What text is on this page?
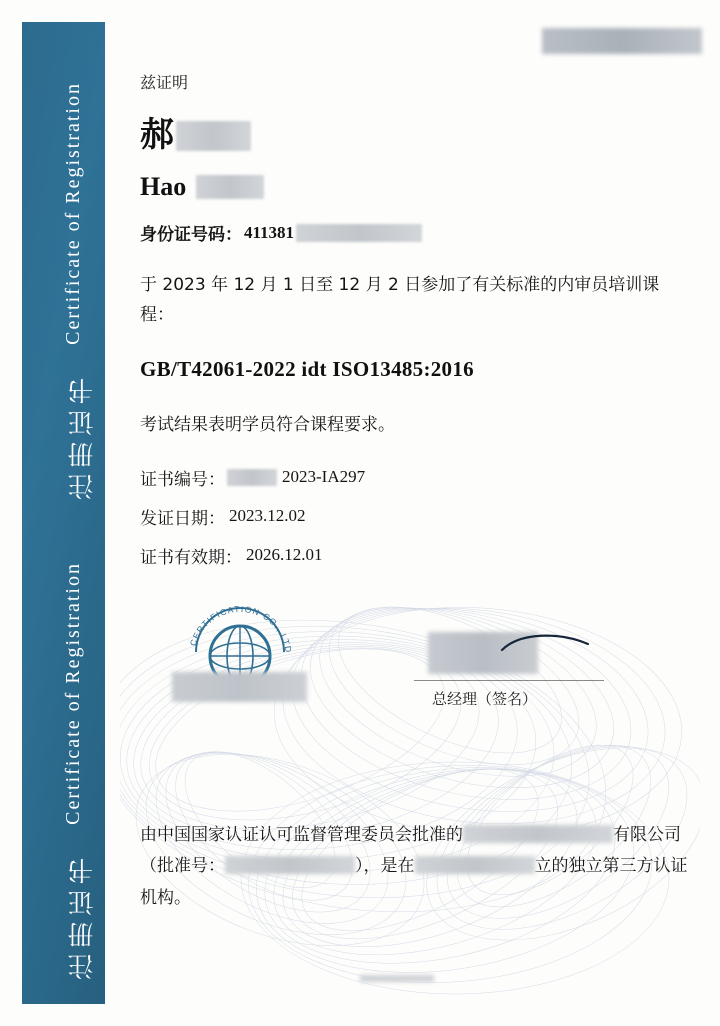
Certificate of Registration
注册证书
Certificate of Registration
注册证书
兹证明
郝
Hao
身份证号码： 411381
于 2023 年 12 月 1 日至 12 月 2 日参加了有关标准的内审员培训课程：
GB/T42061-2022 idt ISO13485:2016
考试结果表明学员符合课程要求。
证书编号：	2023-IA297
发证日期： 2023.12.02
证书有效期： 2026.12.01
CERTIFICATION CO., LTD
总经理（签名）
由中国国家认证认可监督管理委员会批准的	有限公司（批准号：	），是在	立的独立第三方认证机构。
